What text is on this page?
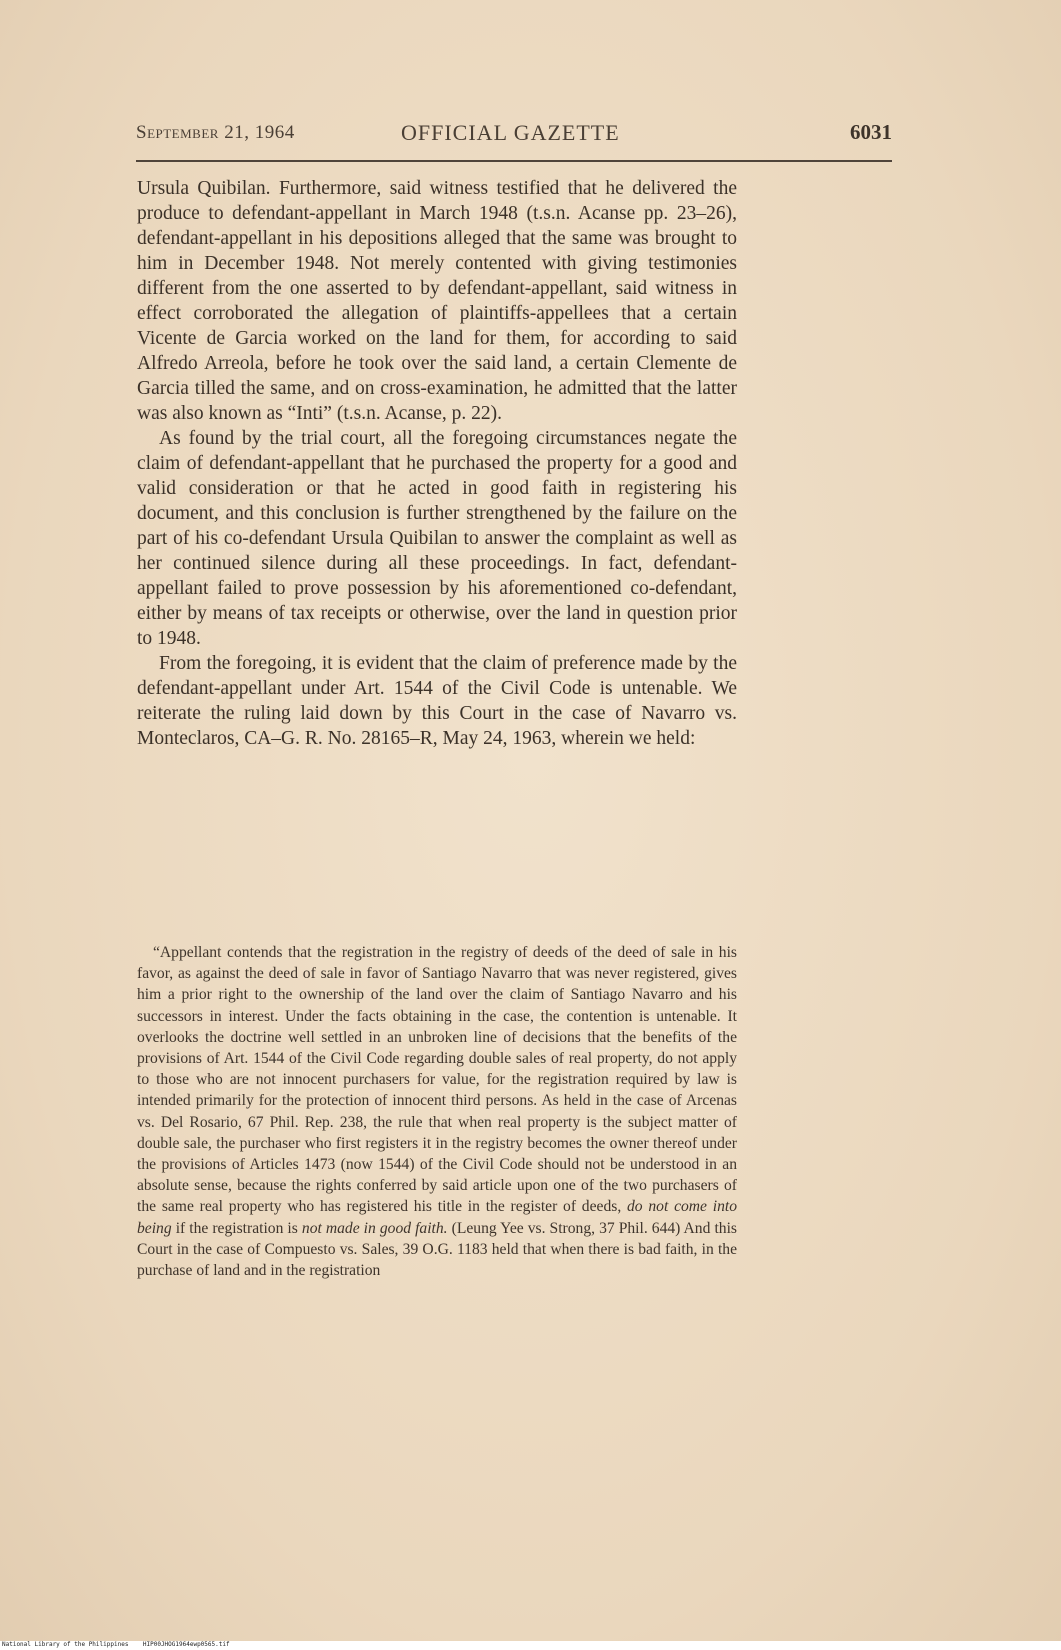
September 21, 1964	OFFICIAL GAZETTE	6031

Ursula Quibilan. Furthermore, said witness testified that he delivered the produce to defendant-appellant in March 1948 (t.s.n. Acanse pp. 23–26), defendant-appellant in his depositions alleged that the same was brought to him in December 1948. Not merely contented with giving testimonies different from the one asserted to by defendant-appellant, said witness in effect corroborated the allegation of plaintiffs-appellees that a certain Vicente de Garcia worked on the land for them, for according to said Alfredo Arreola, before he took over the said land, a certain Clemente de Garcia tilled the same, and on cross-examination, he admitted that the latter was also known as “Inti” (t.s.n. Acanse, p. 22).

As found by the trial court, all the foregoing circumstances negate the claim of defendant-appellant that he purchased the property for a good and valid consideration or that he acted in good faith in registering his document, and this conclusion is further strengthened by the failure on the part of his co-defendant Ursula Quibilan to answer the complaint as well as her continued silence during all these proceedings. In fact, defendant-appellant failed to prove possession by his aforementioned co-defendant, either by means of tax receipts or otherwise, over the land in question prior to 1948.

From the foregoing, it is evident that the claim of preference made by the defendant-appellant under Art. 1544 of the Civil Code is untenable. We reiterate the ruling laid down by this Court in the case of Navarro vs. Monteclaros, CA–G. R. No. 28165–R, May 24, 1963, wherein we held:

“Appellant contends that the registration in the registry of deeds of the deed of sale in his favor, as against the deed of sale in favor of Santiago Navarro that was never registered, gives him a prior right to the ownership of the land over the claim of Santiago Navarro and his successors in interest. Under the facts obtaining in the case, the contention is untenable. It overlooks the doctrine well settled in an unbroken line of decisions that the benefits of the provisions of Art. 1544 of the Civil Code regarding double sales of real property, do not apply to those who are not innocent purchasers for value, for the registration required by law is intended primarily for the protection of innocent third persons. As held in the case of Arcenas vs. Del Rosario, 67 Phil. Rep. 238, the rule that when real property is the subject matter of double sale, the purchaser who first registers it in the registry becomes the owner thereof under the provisions of Articles 1473 (now 1544) of the Civil Code should not be understood in an absolute sense, because the rights conferred by said article upon one of the two purchasers of the same real property who has registered his title in the register of deeds, do not come into being if the registration is not made in good faith. (Leung Yee vs. Strong, 37 Phil. 644) And this Court in the case of Compuesto vs. Sales, 39 O.G. 1183 held that when there is bad faith, in the purchase of land and in the registration

National Library of the Philippines    HIP00JHOG1964ewp0565.tif
